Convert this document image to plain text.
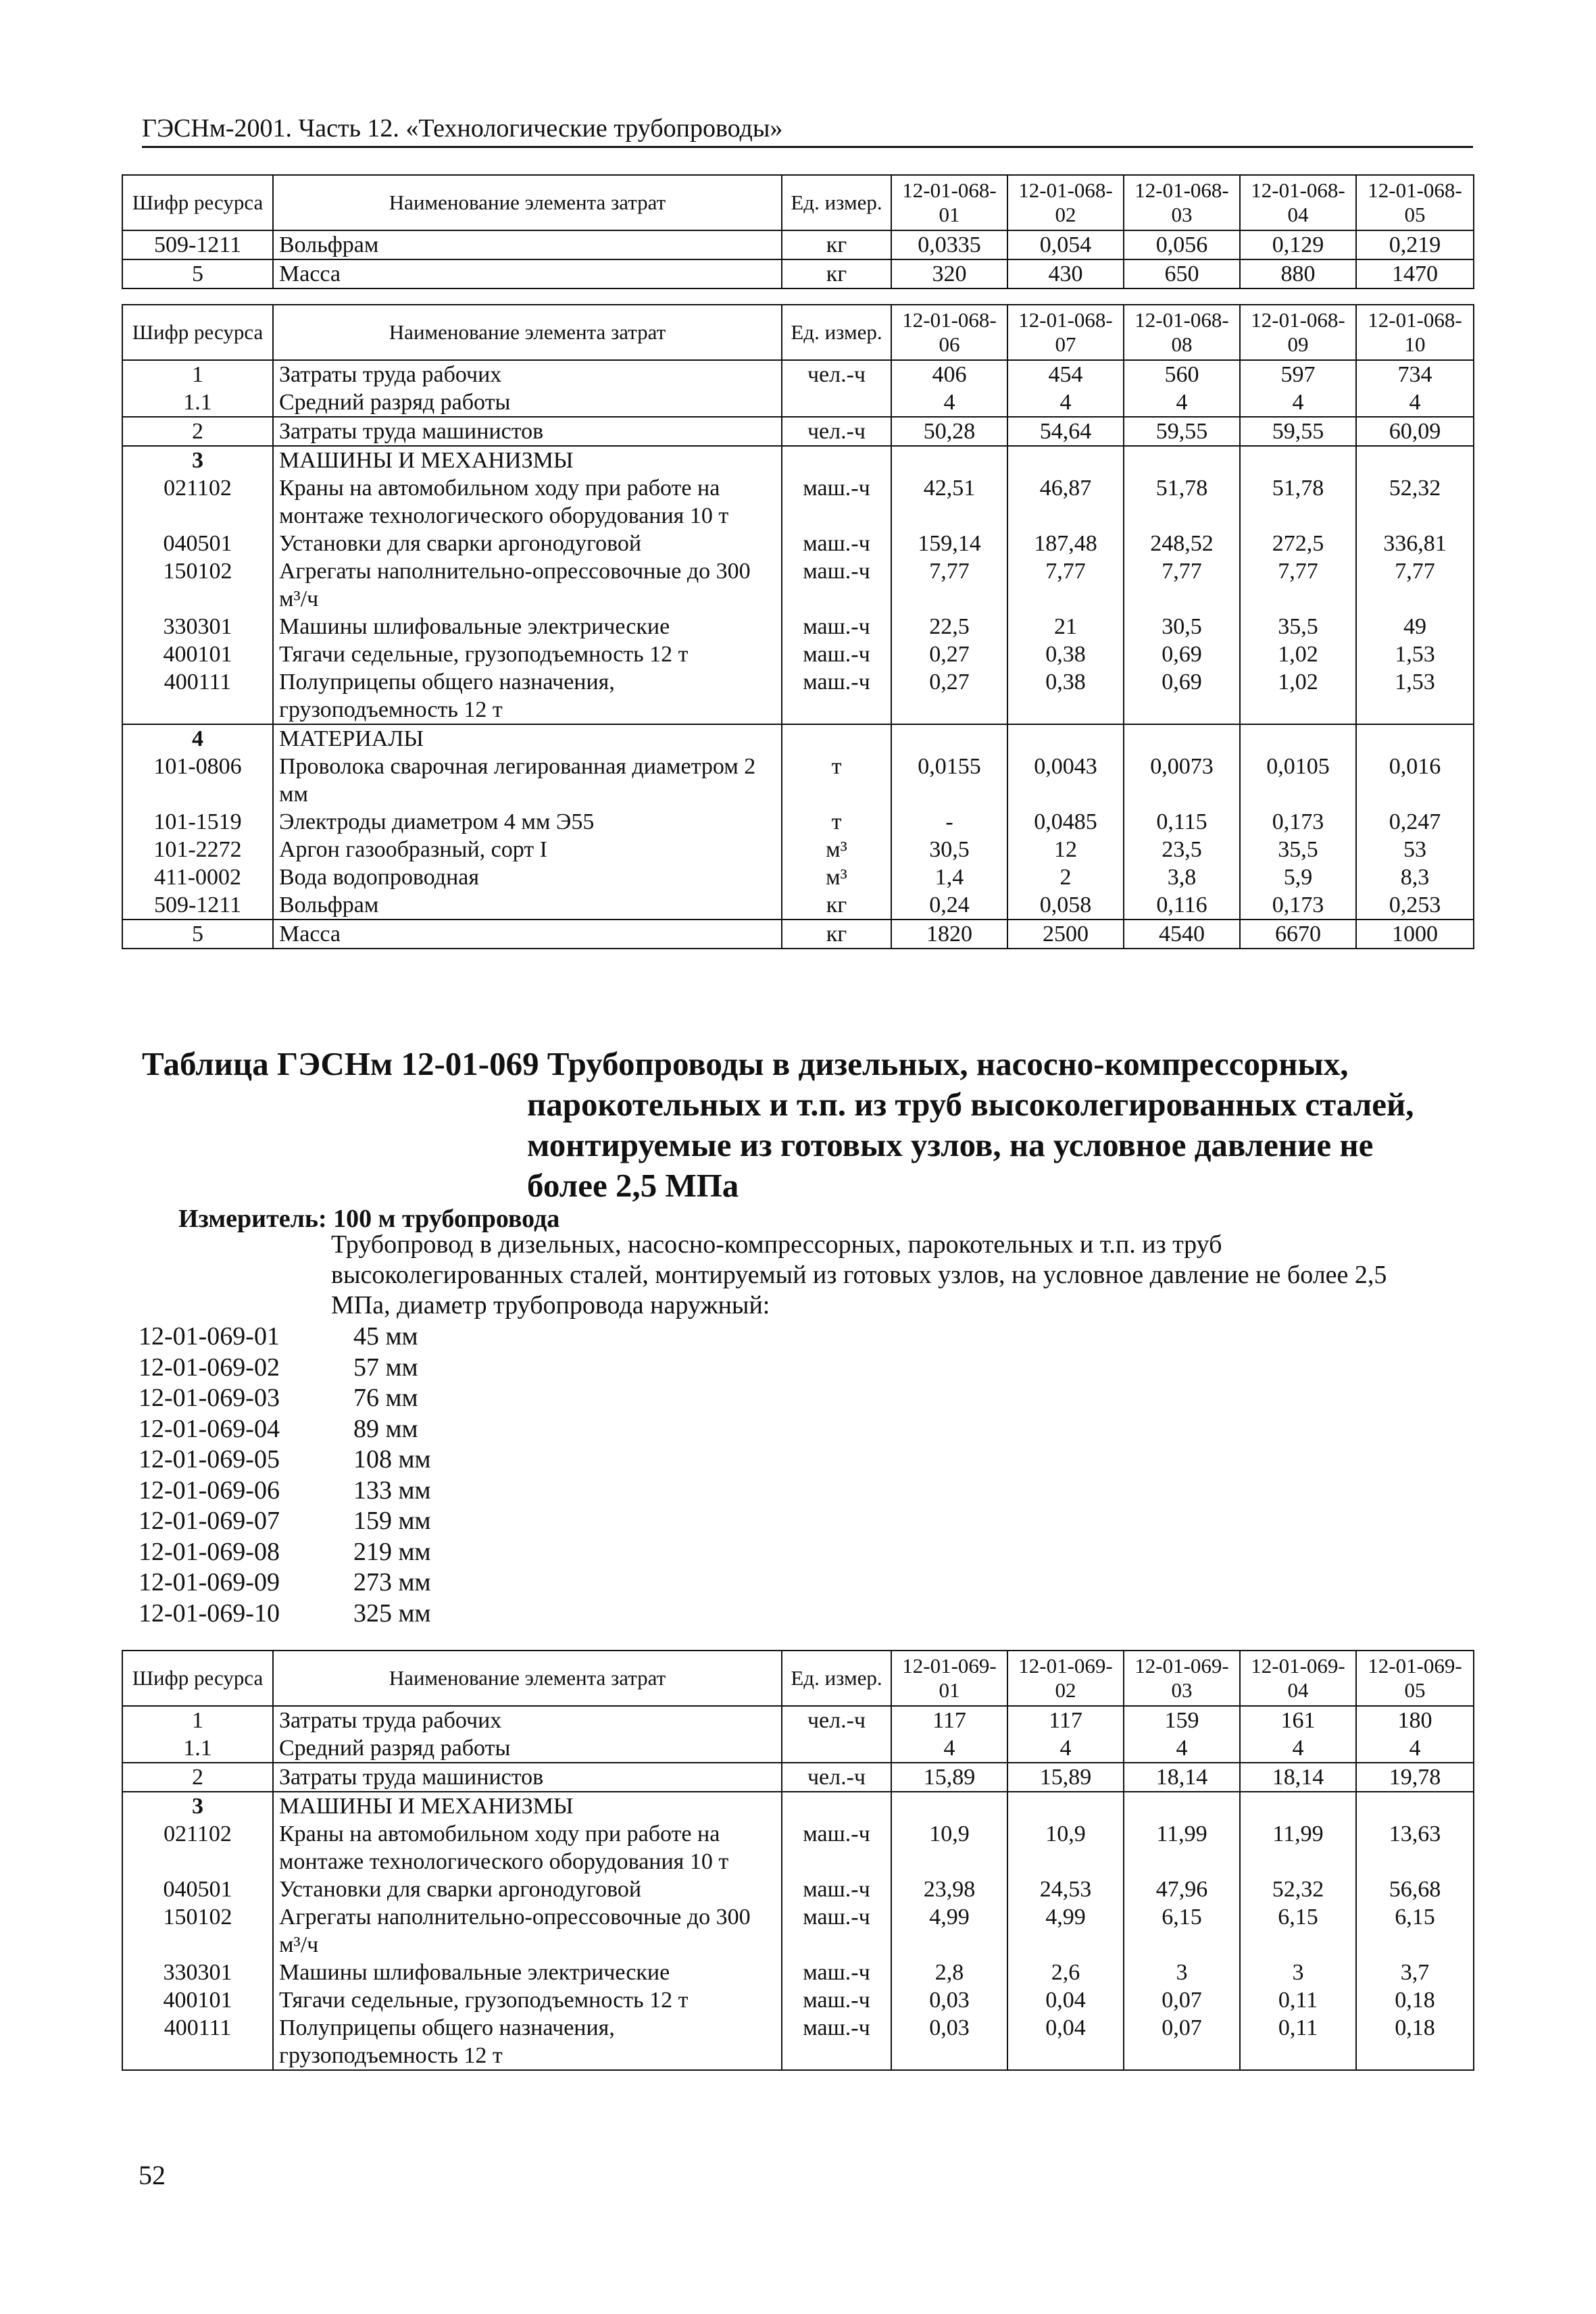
ГЭСНм-2001. Часть 12. «Технологические трубопроводы»
Шифр ресурса	Наименование элемента затрат	Ед. измер.	12-01-068-01	12-01-068-02	12-01-068-03	12-01-068-04	12-01-068-05
509-1211	Вольфрам	кг	0,0335	0,054	0,056	0,129	0,219
5	Масса	кг	320	430	650	880	1470
Шифр ресурса	Наименование элемента затрат	Ед. измер.	12-01-068-06	12-01-068-07	12-01-068-08	12-01-068-09	12-01-068-10
1	Затраты труда рабочих	чел.-ч	406	454	560	597	734
1.1	Средний разряд работы		4	4	4	4	4
2	Затраты труда машинистов	чел.-ч	50,28	54,64	59,55	59,55	60,09
3	МАШИНЫ И МЕХАНИЗМЫ						
021102	Краны на автомобильном ходу при работе на монтаже технологического оборудования 10 т	маш.-ч	42,51	46,87	51,78	51,78	52,32
040501	Установки для сварки аргонодуговой	маш.-ч	159,14	187,48	248,52	272,5	336,81
150102	Агрегаты наполнительно-опрессовочные до 300 м³/ч	маш.-ч	7,77	7,77	7,77	7,77	7,77
330301	Машины шлифовальные электрические	маш.-ч	22,5	21	30,5	35,5	49
400101	Тягачи седельные, грузоподъемность 12 т	маш.-ч	0,27	0,38	0,69	1,02	1,53
400111	Полуприцепы общего назначения, грузоподъемность 12 т	маш.-ч	0,27	0,38	0,69	1,02	1,53
4	МАТЕРИАЛЫ						
101-0806	Проволока сварочная легированная диаметром 2 мм	т	0,0155	0,0043	0,0073	0,0105	0,016
101-1519	Электроды диаметром 4 мм Э55	т	-	0,0485	0,115	0,173	0,247
101-2272	Аргон газообразный, сорт I	м³	30,5	12	23,5	35,5	53
411-0002	Вода водопроводная	м³	1,4	2	3,8	5,9	8,3
509-1211	Вольфрам	кг	0,24	0,058	0,116	0,173	0,253
5	Масса	кг	1820	2500	4540	6670	1000
Таблица ГЭСНм 12-01-069 Трубопроводы в дизельных, насосно-компрессорных,
парокотельных и т.п. из труб высоколегированных сталей,
монтируемые из готовых узлов, на условное давление не
более 2,5 МПа
Измеритель: 100 м трубопровода
Трубопровод в дизельных, насосно-компрессорных, парокотельных и т.п. из труб высоколегированных сталей, монтируемый из готовых узлов, на условное давление не более 2,5 МПа, диаметр трубопровода наружный:
12-01-069-01	45 мм
12-01-069-02	57 мм
12-01-069-03	76 мм
12-01-069-04	89 мм
12-01-069-05	108 мм
12-01-069-06	133 мм
12-01-069-07	159 мм
12-01-069-08	219 мм
12-01-069-09	273 мм
12-01-069-10	325 мм
Шифр ресурса	Наименование элемента затрат	Ед. измер.	12-01-069-01	12-01-069-02	12-01-069-03	12-01-069-04	12-01-069-05
1	Затраты труда рабочих	чел.-ч	117	117	159	161	180
1.1	Средний разряд работы		4	4	4	4	4
2	Затраты труда машинистов	чел.-ч	15,89	15,89	18,14	18,14	19,78
3	МАШИНЫ И МЕХАНИЗМЫ						
021102	Краны на автомобильном ходу при работе на монтаже технологического оборудования 10 т	маш.-ч	10,9	10,9	11,99	11,99	13,63
040501	Установки для сварки аргонодуговой	маш.-ч	23,98	24,53	47,96	52,32	56,68
150102	Агрегаты наполнительно-опрессовочные до 300 м³/ч	маш.-ч	4,99	4,99	6,15	6,15	6,15
330301	Машины шлифовальные электрические	маш.-ч	2,8	2,6	3	3	3,7
400101	Тягачи седельные, грузоподъемность 12 т	маш.-ч	0,03	0,04	0,07	0,11	0,18
400111	Полуприцепы общего назначения, грузоподъемность 12 т	маш.-ч	0,03	0,04	0,07	0,11	0,18
52
